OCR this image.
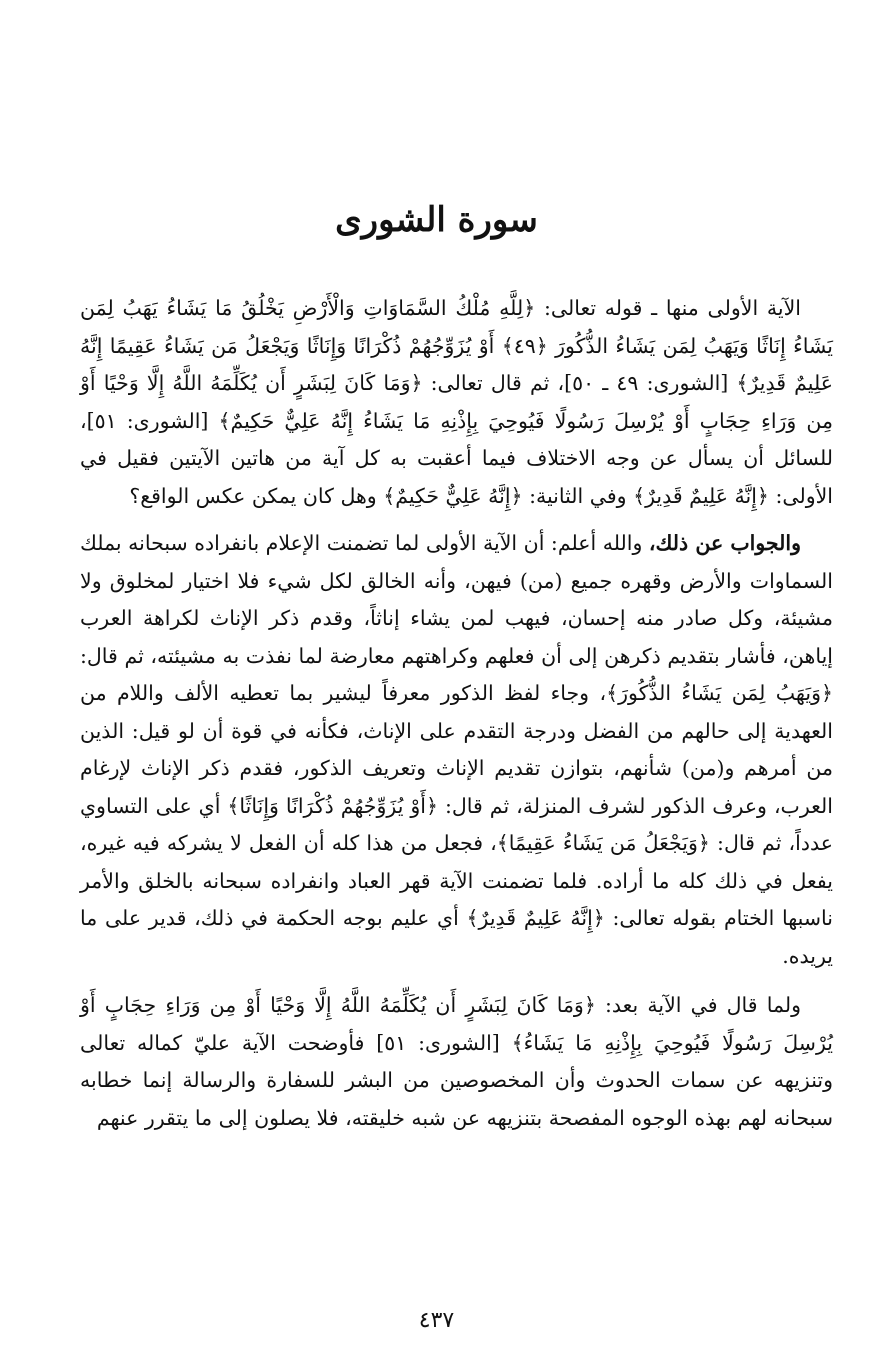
سورة الشورى

الآية الأولى منها ـ قوله تعالى: ﴿لِلَّهِ مُلْكُ السَّمَاوَاتِ وَالْأَرْضِ يَخْلُقُ مَا يَشَاءُ يَهَبُ لِمَن يَشَاءُ إِنَاثًا وَيَهَبُ لِمَن يَشَاءُ الذُّكُورَ ﴿٤٩﴾ أَوْ يُزَوِّجُهُمْ ذُكْرَانًا وَإِنَاثًا وَيَجْعَلُ مَن يَشَاءُ عَقِيمًا إِنَّهُ عَلِيمٌ قَدِيرٌ﴾ [الشورى: ٤٩ ـ ٥٠]، ثم قال تعالى: ﴿وَمَا كَانَ لِبَشَرٍ أَن يُكَلِّمَهُ اللَّهُ إِلَّا وَحْيًا أَوْ مِن وَرَاءِ حِجَابٍ أَوْ يُرْسِلَ رَسُولًا فَيُوحِيَ بِإِذْنِهِ مَا يَشَاءُ إِنَّهُ عَلِيٌّ حَكِيمٌ﴾ [الشورى: ٥١]، للسائل أن يسأل عن وجه الاختلاف فيما أعقبت به كل آية من هاتين الآيتين فقيل في الأولى: ﴿إِنَّهُ عَلِيمٌ قَدِيرٌ﴾ وفي الثانية: ﴿إِنَّهُ عَلِيٌّ حَكِيمٌ﴾ وهل كان يمكن عكس الواقع؟

والجواب عن ذلك، والله أعلم: أن الآية الأولى لما تضمنت الإعلام بانفراده سبحانه بملك السماوات والأرض وقهره جميع (من) فيهن، وأنه الخالق لكل شيء فلا اختيار لمخلوق ولا مشيئة، وكل صادر منه إحسان، فيهب لمن يشاء إناثاً، وقدم ذكر الإناث لكراهة العرب إياهن، فأشار بتقديم ذكرهن إلى أن فعلهم وكراهتهم معارضة لما نفذت به مشيئته، ثم قال: ﴿وَيَهَبُ لِمَن يَشَاءُ الذُّكُورَ﴾، وجاء لفظ الذكور معرفاً ليشير بما تعطيه الألف واللام من العهدية إلى حالهم من الفضل ودرجة التقدم على الإناث، فكأنه في قوة أن لو قيل: الذين من أمرهم و(من) شأنهم، بتوازن تقديم الإناث وتعريف الذكور، فقدم ذكر الإناث لإرغام العرب، وعرف الذكور لشرف المنزلة، ثم قال: ﴿أَوْ يُزَوِّجُهُمْ ذُكْرَانًا وَإِنَاثًا﴾ أي على التساوي عدداً، ثم قال: ﴿وَيَجْعَلُ مَن يَشَاءُ عَقِيمًا﴾، فجعل من هذا كله أن الفعل لا يشركه فيه غيره، يفعل في ذلك كله ما أراده. فلما تضمنت الآية قهر العباد وانفراده سبحانه بالخلق والأمر ناسبها الختام بقوله تعالى: ﴿إِنَّهُ عَلِيمٌ قَدِيرٌ﴾ أي عليم بوجه الحكمة في ذلك، قدير على ما يريده.

ولما قال في الآية بعد: ﴿وَمَا كَانَ لِبَشَرٍ أَن يُكَلِّمَهُ اللَّهُ إِلَّا وَحْيًا أَوْ مِن وَرَاءِ حِجَابٍ أَوْ يُرْسِلَ رَسُولًا فَيُوحِيَ بِإِذْنِهِ مَا يَشَاءُ﴾ [الشورى: ٥١] فأوضحت الآية عليّ كماله تعالى وتنزيهه عن سمات الحدوث وأن المخصوصين من البشر للسفارة والرسالة إنما خطابه سبحانه لهم بهذه الوجوه المفصحة بتنزيهه عن شبه خليقته، فلا يصلون إلى ما يتقرر عنهم

٤٣٧
